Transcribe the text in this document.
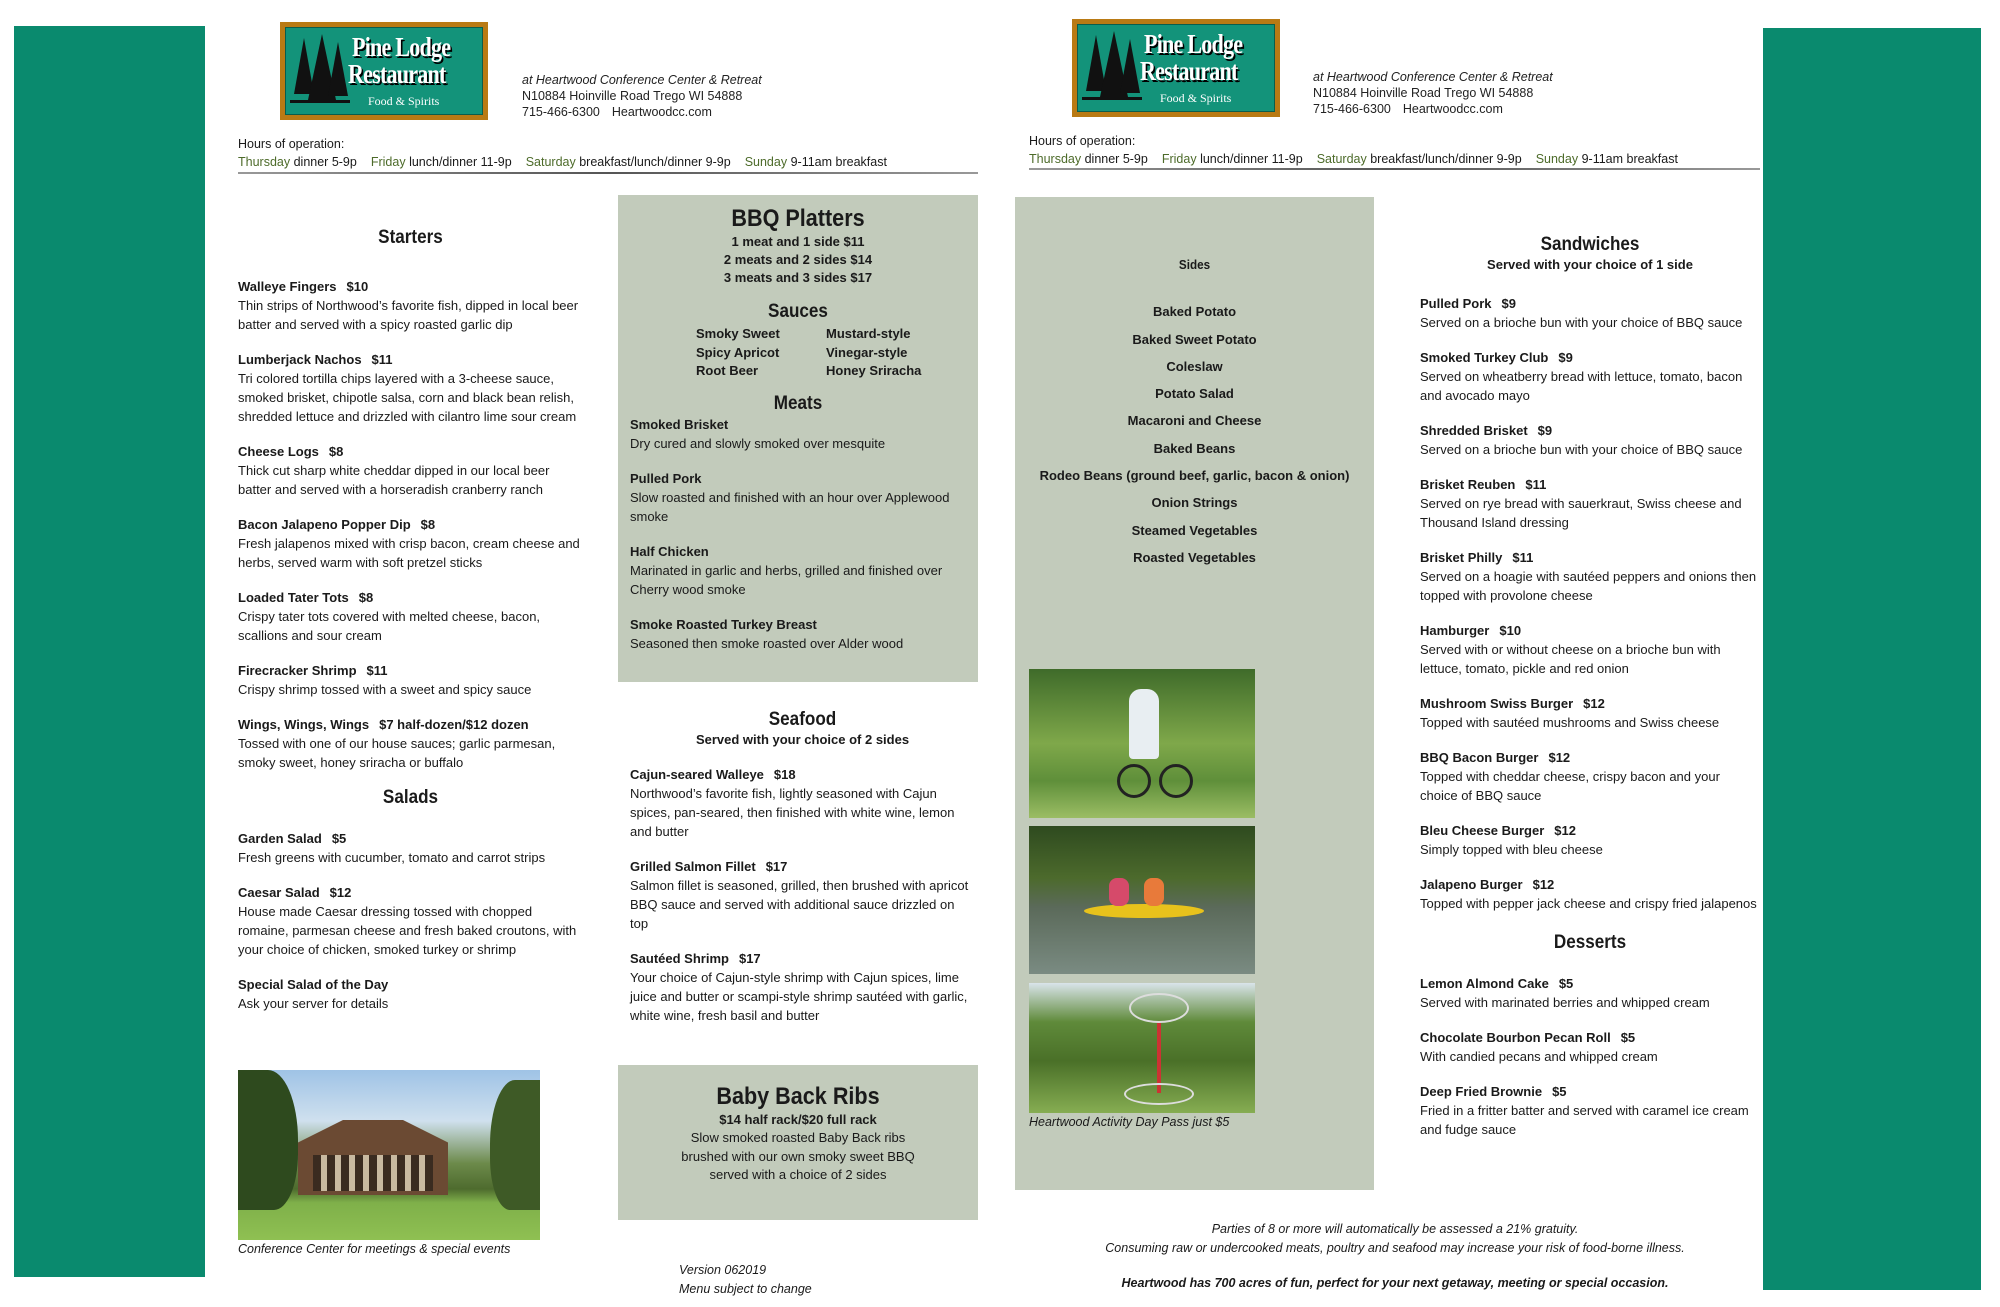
Starters
Walleye Fingers $10
Thin strips of Northwood’s favorite fish, dipped in local beer batter and served with a spicy roasted garlic dip
Lumberjack Nachos $11
Tri colored tortilla chips layered with a 3-cheese sauce, smoked brisket, chipotle salsa, corn and black bean relish, shredded lettuce and drizzled with cilantro lime sour cream
Cheese Logs $8
Thick cut sharp white cheddar dipped in our local beer batter and served with a horseradish cranberry ranch
Bacon Jalapeno Popper Dip $8
Fresh jalapenos mixed with crisp bacon, cream cheese and herbs, served warm with soft pretzel sticks
Loaded Tater Tots $8
Crispy tater tots covered with melted cheese, bacon, scallions and sour cream
Firecracker Shrimp $11
Crispy shrimp tossed with a sweet and spicy sauce
Wings, Wings, Wings $7 half-dozen/$12 dozen
Tossed with one of our house sauces; garlic parmesan, smoky sweet, honey sriracha or buffalo
Salads
Garden Salad $5
Fresh greens with cucumber, tomato and carrot strips
Caesar Salad $12
House made Caesar dressing tossed with chopped romaine, parmesan cheese and fresh baked croutons, with your choice of chicken, smoked turkey or shrimp
Special Salad of the Day
Ask your server for details
Conference Center for meetings & special events
BBQ Platters
1 meat and 1 side $11
2 meats and 2 sides $14
3 meats and 3 sides $17
Sauces
Smoky Sweet
Spicy Apricot
Root Beer
Mustard-style
Vinegar-style
Honey Sriracha
Meats
Smoked Brisket
Dry cured and slowly smoked over mesquite
Pulled Pork
Slow roasted and finished with an hour over Applewood smoke
Half Chicken
Marinated in garlic and herbs, grilled and finished over Cherry wood smoke
Smoke Roasted Turkey Breast
Seasoned then smoke roasted over Alder wood
Seafood
Served with your choice of 2 sides
Cajun-seared Walleye $18
Northwood’s favorite fish, lightly seasoned with Cajun spices, pan-seared, then finished with white wine, lemon and butter
Grilled Salmon Fillet $17
Salmon fillet is seasoned, grilled, then brushed with apricot BBQ sauce and served with additional sauce drizzled on top
Sautéed Shrimp $17
Your choice of Cajun-style shrimp with Cajun spices, lime juice and butter or scampi-style shrimp sautéed with garlic, white wine, fresh basil and butter
Baby Back Ribs
$14 half rack/$20 full rack
Slow smoked roasted Baby Back ribs
brushed with our own smoky sweet BBQ
served with a choice of 2 sides
Version 062019
Menu subject to change
Sides
Baked Potato
Baked Sweet Potato
Coleslaw
Potato Salad
Macaroni and Cheese
Baked Beans
Rodeo Beans (ground beef, garlic, bacon & onion)
Onion Strings
Steamed Vegetables
Roasted Vegetables
Heartwood Activity Day Pass just $5
Sandwiches
Served with your choice of 1 side
Pulled Pork $9
Served on a brioche bun with your choice of BBQ sauce
Smoked Turkey Club $9
Served on wheatberry bread with lettuce, tomato, bacon and avocado mayo
Shredded Brisket $9
Served on a brioche bun with your choice of BBQ sauce
Brisket Reuben $11
Served on rye bread with sauerkraut, Swiss cheese and Thousand Island dressing
Brisket Philly $11
Served on a hoagie with sautéed peppers and onions then topped with provolone cheese
Hamburger $10
Served with or without cheese on a brioche bun with lettuce, tomato, pickle and red onion
Mushroom Swiss Burger $12
Topped with sautéed mushrooms and Swiss cheese
BBQ Bacon Burger $12
Topped with cheddar cheese, crispy bacon and your choice of BBQ sauce
Bleu Cheese Burger $12
Simply topped with bleu cheese
Jalapeno Burger $12
Topped with pepper jack cheese and crispy fried jalapenos
Desserts
Lemon Almond Cake $5
Served with marinated berries and whipped cream
Chocolate Bourbon Pecan Roll $5
With candied pecans and whipped cream
Deep Fried Brownie $5
Fried in a fritter batter and served with caramel ice cream and fudge sauce
Parties of 8 or more will automatically be assessed a 21% gratuity.
Consuming raw or undercooked meats, poultry and seafood may increase your risk of food-borne illness.
Heartwood has 700 acres of fun, perfect for your next getaway, meeting or special occasion.
Pine Lodge
Restaurant
Food & Spirits
at Heartwood Conference Center & Retreat
N10884 Hoinville Road Trego WI 54888
715-466-6300 Heartwoodcc.com
Hours of operation:
Thursday dinner 5-9p Friday lunch/dinner 11-9p Saturday breakfast/lunch/dinner 9-9p Sunday 9-11am breakfast
Pine Lodge
Restaurant
Food & Spirits
at Heartwood Conference Center & Retreat
N10884 Hoinville Road Trego WI 54888
715-466-6300 Heartwoodcc.com
Hours of operation:
Thursday dinner 5-9p Friday lunch/dinner 11-9p Saturday breakfast/lunch/dinner 9-9p Sunday 9-11am breakfast
